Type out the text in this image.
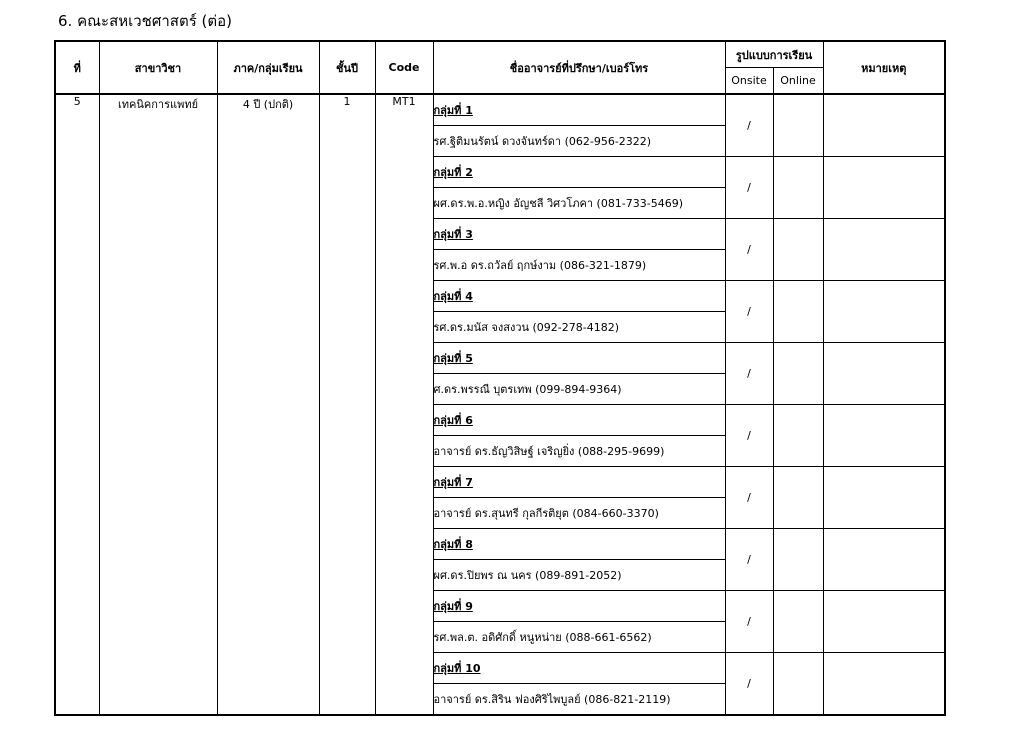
6. คณะสหเวชศาสตร์ (ต่อ)
ที่	สาขาวิชา	ภาค/กลุ่มเรียน	ชั้นปี	Code	ชื่ออาจารย์ที่ปรึกษา/เบอร์โทร	รูปแบบการเรียน		หมายเหตุ
						Onsite	Online	
5	เทคนิคการแพทย์	4 ปี (ปกติ)	1	MT1	กลุ่มที่ 1	/		
					รศ.ฐิติมนรัตน์ ดวงจันทร์ดา (062-956-2322)			
					กลุ่มที่ 2	/		
					ผศ.ดร.พ.อ.หญิง อัญชลี วิศวโภคา (081-733-5469)			
					กลุ่มที่ 3	/		
					รศ.พ.อ ดร.ถวัลย์ ฤกษ์งาม (086-321-1879)			
					กลุ่มที่ 4	/		
					รศ.ดร.มนัส จงสงวน (092-278-4182)			
					กลุ่มที่ 5	/		
					ศ.ดร.พรรณี บุตรเทพ (099-894-9364)			
					กลุ่มที่ 6	/		
					อาจารย์ ดร.ธัญวิสิษฐ์ เจริญยิ่ง (088-295-9699)			
					กลุ่มที่ 7	/		
					อาจารย์ ดร.สุนทรี กุลกีรติยุต (084-660-3370)			
					กลุ่มที่ 8	/		
					ผศ.ดร.ปิยพร ณ นคร (089-891-2052)			
					กลุ่มที่ 9	/		
					รศ.พล.ต. อดิศักดิ์ หนูหน่าย (088-661-6562)			
					กลุ่มที่ 10	/		
					อาจารย์ ดร.สิริน ฟองศิริไพบูลย์ (086-821-2119)			
